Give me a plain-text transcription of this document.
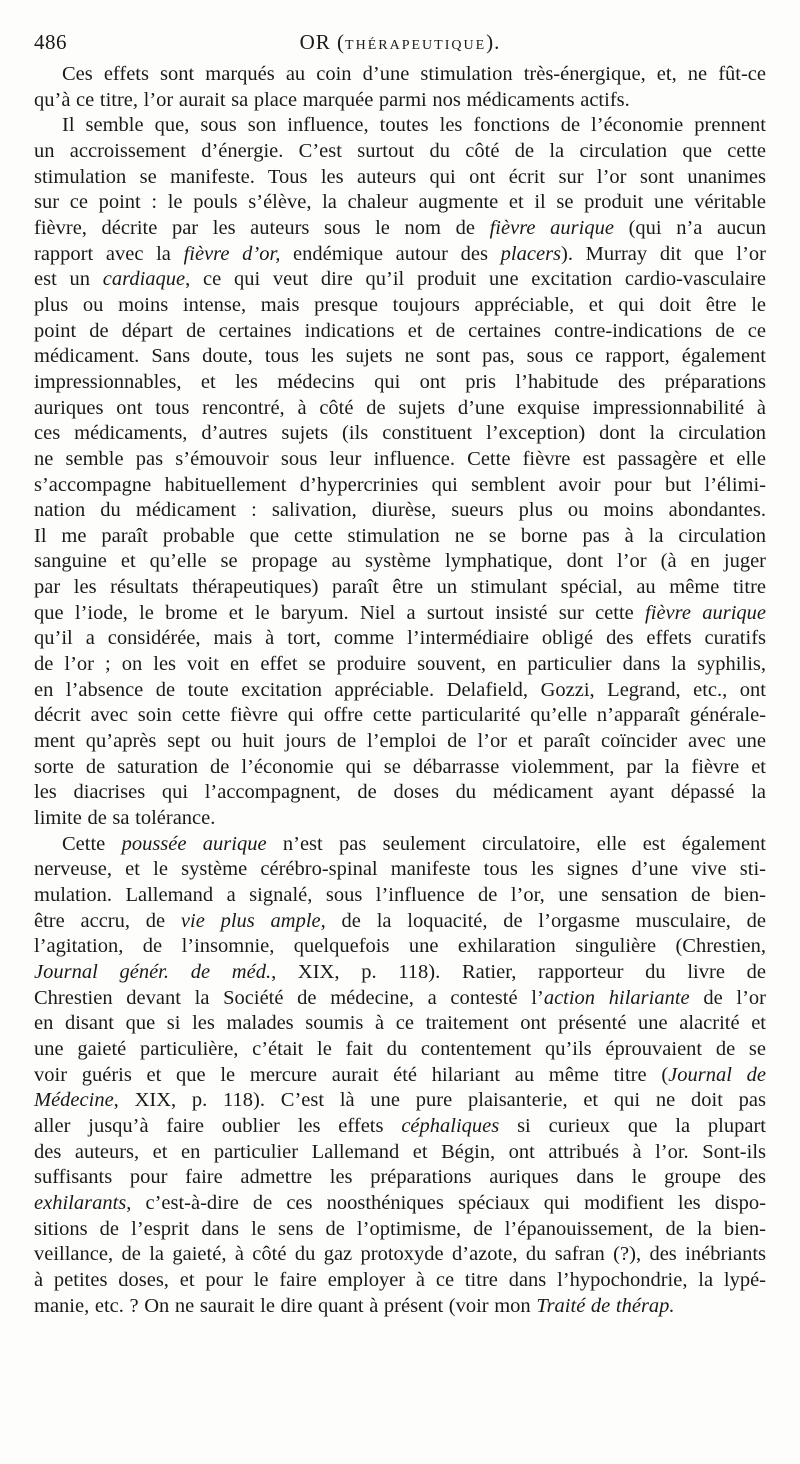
486	OR (THÉRAPEUTIQUE).

Ces effets sont marqués au coin d’une stimulation très-énergique, et, ne fût-ce
qu’à ce titre, l’or aurait sa place marquée parmi nos médicaments actifs.

Il semble que, sous son influence, toutes les fonctions de l’économie prennent
un accroissement d’énergie. C’est surtout du côté de la circulation que cette
stimulation se manifeste. Tous les auteurs qui ont écrit sur l’or sont unanimes
sur ce point : le pouls s’élève, la chaleur augmente et il se produit une véritable
fièvre, décrite par les auteurs sous le nom de fièvre aurique (qui n’a aucun
rapport avec la fièvre d’or, endémique autour des placers). Murray dit que l’or
est un cardiaque, ce qui veut dire qu’il produit une excitation cardio-vasculaire
plus ou moins intense, mais presque toujours appréciable, et qui doit être le
point de départ de certaines indications et de certaines contre-indications de ce
médicament. Sans doute, tous les sujets ne sont pas, sous ce rapport, également
impressionnables, et les médecins qui ont pris l’habitude des préparations
auriques ont tous rencontré, à côté de sujets d’une exquise impressionnabilité à
ces médicaments, d’autres sujets (ils constituent l’exception) dont la circulation
ne semble pas s’émouvoir sous leur influence. Cette fièvre est passagère et elle
s’accompagne habituellement d’hypercrinies qui semblent avoir pour but l’élimi-
nation du médicament : salivation, diurèse, sueurs plus ou moins abondantes.
Il me paraît probable que cette stimulation ne se borne pas à la circulation
sanguine et qu’elle se propage au système lymphatique, dont l’or (à en juger
par les résultats thérapeutiques) paraît être un stimulant spécial, au même titre
que l’iode, le brome et le baryum. Niel a surtout insisté sur cette fièvre aurique
qu’il a considérée, mais à tort, comme l’intermédiaire obligé des effets curatifs
de l’or ; on les voit en effet se produire souvent, en particulier dans la syphilis,
en l’absence de toute excitation appréciable. Delafield, Gozzi, Legrand, etc., ont
décrit avec soin cette fièvre qui offre cette particularité qu’elle n’apparaît générale-
ment qu’après sept ou huit jours de l’emploi de l’or et paraît coïncider avec une
sorte de saturation de l’économie qui se débarrasse violemment, par la fièvre et
les diacrises qui l’accompagnent, de doses du médicament ayant dépassé la
limite de sa tolérance.

Cette poussée aurique n’est pas seulement circulatoire, elle est également
nerveuse, et le système cérébro-spinal manifeste tous les signes d’une vive sti-
mulation. Lallemand a signalé, sous l’influence de l’or, une sensation de bien-
être accru, de vie plus ample, de la loquacité, de l’orgasme musculaire, de
l’agitation, de l’insomnie, quelquefois une exhilaration singulière (Chrestien,
Journal génér. de méd., XIX, p. 118). Ratier, rapporteur du livre de
Chrestien devant la Société de médecine, a contesté l’action hilariante de l’or
en disant que si les malades soumis à ce traitement ont présenté une alacrité et
une gaieté particulière, c’était le fait du contentement qu’ils éprouvaient de se
voir guéris et que le mercure aurait été hilariant au même titre (Journal de
Médecine, XIX, p. 118). C’est là une pure plaisanterie, et qui ne doit pas
aller jusqu’à faire oublier les effets céphaliques si curieux que la plupart
des auteurs, et en particulier Lallemand et Bégin, ont attribués à l’or. Sont-ils
suffisants pour faire admettre les préparations auriques dans le groupe des
exhilarants, c’est-à-dire de ces noosthéniques spéciaux qui modifient les dispo-
sitions de l’esprit dans le sens de l’optimisme, de l’épanouissement, de la bien-
veillance, de la gaieté, à côté du gaz protoxyde d’azote, du safran (?), des inébriants
à petites doses, et pour le faire employer à ce titre dans l’hypochondrie, la lypé-
manie, etc. ? On ne saurait le dire quant à présent (voir mon Traité de thérap.
